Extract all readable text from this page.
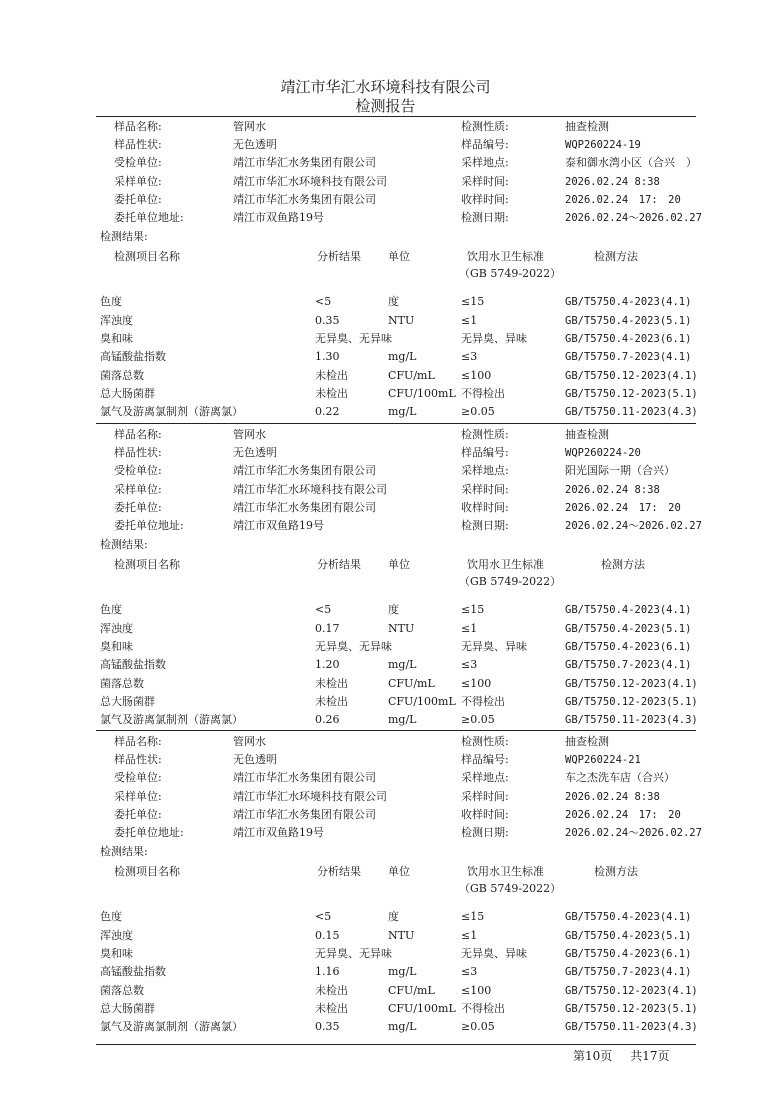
靖江市华汇水环境科技有限公司
检测报告
样品名称:	管网水	检测性质:	抽查检测
样品性状:	无色透明	样品编号:	WQP260224-19
受检单位:	靖江市华汇水务集团有限公司	采样地点:	泰和御水湾小区（合兴　）
采样单位:	靖江市华汇水环境科技有限公司	采样时间:	2026.02.24 8:38
委托单位:	靖江市华汇水务集团有限公司	收样时间:	2026.02.24　17:　20
委托单位地址:	靖江市双鱼路19号	检测日期:	2026.02.24～2026.02.27
检测结果:
检测项目名称	分析结果 单位	饮用水卫生标准	检测方法
（GB 5749-2022）
色度	<5	度	≤15	GB/T5750.4-2023(4.1)
浑浊度	0.35	NTU	≤1	GB/T5750.4-2023(5.1)
臭和味	无异臭、无异味	无异臭、异味	GB/T5750.4-2023(6.1)
高锰酸盐指数	1.30	mg/L	≤3	GB/T5750.7-2023(4.1)
菌落总数	未检出	CFU/mL ≤100	GB/T5750.12-2023(4.1)
总大肠菌群	未检出	CFU/100mL 不得检出	GB/T5750.12-2023(5.1)
氯气及游离氯制剂（游离氯）	0.22	mg/L	≥0.05	GB/T5750.11-2023(4.3)
样品名称:	管网水	检测性质:	抽查检测
样品性状:	无色透明	样品编号:	WQP260224-20
受检单位:	靖江市华汇水务集团有限公司	采样地点:	阳光国际一期（合兴）
采样单位:	靖江市华汇水环境科技有限公司	采样时间:	2026.02.24 8:38
委托单位:	靖江市华汇水务集团有限公司	收样时间:	2026.02.24　17:　20
委托单位地址:	靖江市双鱼路19号	检测日期:	2026.02.24～2026.02.27
检测结果:
检测项目名称	分析结果 单位	饮用水卫生标准	检测方法
（GB 5749-2022）
色度	<5	度	≤15	GB/T5750.4-2023(4.1)
浑浊度	0.17	NTU	≤1	GB/T5750.4-2023(5.1)
臭和味	无异臭、无异味	无异臭、异味	GB/T5750.4-2023(6.1)
高锰酸盐指数	1.20	mg/L	≤3	GB/T5750.7-2023(4.1)
菌落总数	未检出	CFU/mL ≤100	GB/T5750.12-2023(4.1)
总大肠菌群	未检出	CFU/100mL 不得检出	GB/T5750.12-2023(5.1)
氯气及游离氯制剂（游离氯）	0.26	mg/L	≥0.05	GB/T5750.11-2023(4.3)
样品名称:	管网水	检测性质:	抽查检测
样品性状:	无色透明	样品编号:	WQP260224-21
受检单位:	靖江市华汇水务集团有限公司	采样地点:	车之杰洗车店（合兴）
采样单位:	靖江市华汇水环境科技有限公司	采样时间:	2026.02.24 8:38
委托单位:	靖江市华汇水务集团有限公司	收样时间:	2026.02.24　17:　20
委托单位地址:	靖江市双鱼路19号	检测日期:	2026.02.24～2026.02.27
检测结果:
检测项目名称	分析结果 单位	饮用水卫生标准	检测方法
（GB 5749-2022）
色度	<5	度	≤15	GB/T5750.4-2023(4.1)
浑浊度	0.15	NTU	≤1	GB/T5750.4-2023(5.1)
臭和味	无异臭、无异味	无异臭、异味	GB/T5750.4-2023(6.1)
高锰酸盐指数	1.16	mg/L	≤3	GB/T5750.7-2023(4.1)
菌落总数	未检出	CFU/mL ≤100	GB/T5750.12-2023(4.1)
总大肠菌群	未检出	CFU/100mL 不得检出	GB/T5750.12-2023(5.1)
氯气及游离氯制剂（游离氯）	0.35	mg/L	≥0.05	GB/T5750.11-2023(4.3)
第10页 共17页
